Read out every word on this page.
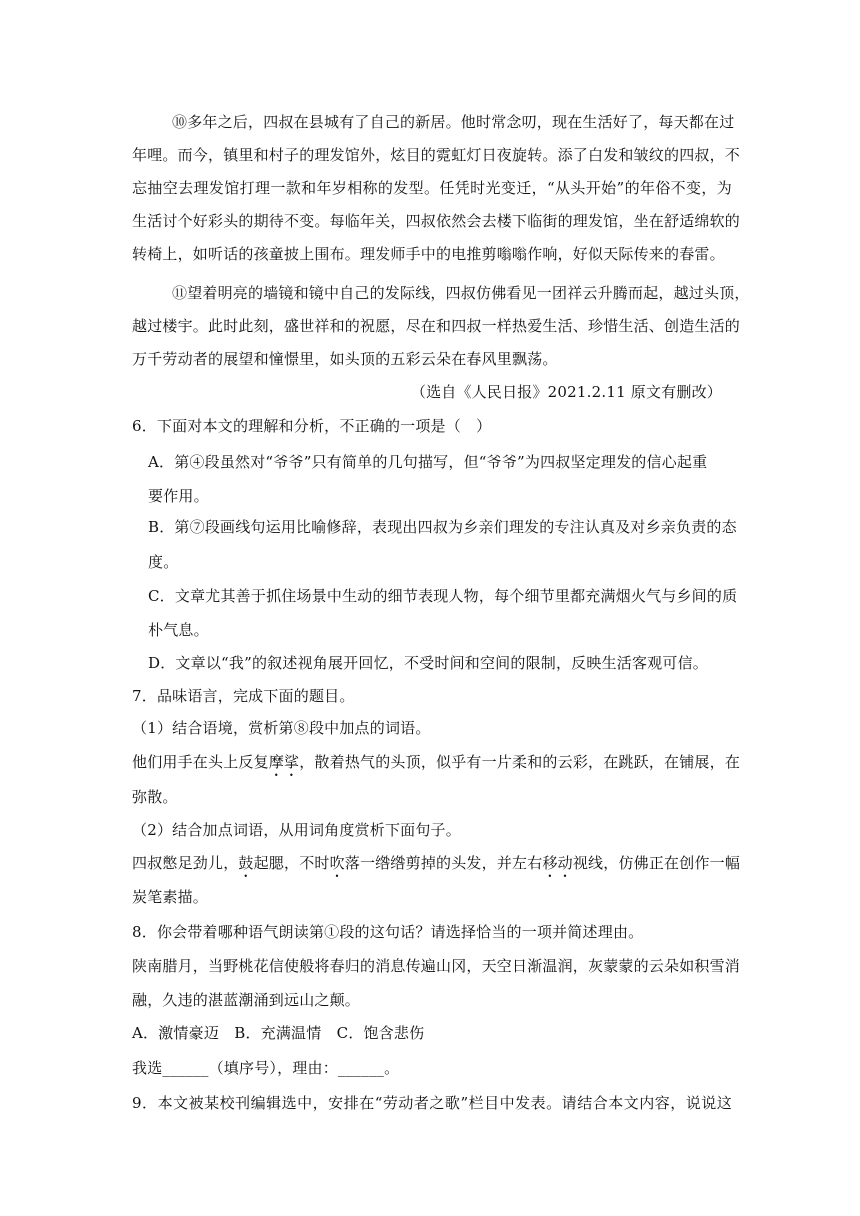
⑩多年之后，四叔在县城有了自己的新居。他时常念叨，现在生活好了，每天都在过
年哩。而今，镇里和村子的理发馆外，炫目的霓虹灯日夜旋转。添了白发和皱纹的四叔，不
忘抽空去理发馆打理一款和年岁相称的发型。任凭时光变迁，“从头开始”的年俗不变，为
生活讨个好彩头的期待不变。每临年关，四叔依然会去楼下临街的理发馆，坐在舒适绵软的
转椅上，如听话的孩童披上围布。理发师手中的电推剪嗡嗡作响，好似天际传来的春雷。
⑪望着明亮的墙镜和镜中自己的发际线，四叔仿佛看见一团祥云升腾而起，越过头顶，
越过楼宇。此时此刻，盛世祥和的祝愿，尽在和四叔一样热爱生活、珍惜生活、创造生活的
万千劳动者的展望和憧憬里，如头顶的五彩云朵在春风里飘荡。
（选自《人民日报》2021.2.11 原文有删改）
6．下面对本文的理解和分析，不正确的一项是（　）
A．第④段虽然对“爷爷”只有简单的几句描写，但“爷爷”为四叔坚定理发的信心起重
要作用。
B．第⑦段画线句运用比喻修辞，表现出四叔为乡亲们理发的专注认真及对乡亲负责的态
度。
C．文章尤其善于抓住场景中生动的细节表现人物，每个细节里都充满烟火气与乡间的质
朴气息。
D．文章以“我”的叙述视角展开回忆，不受时间和空间的限制，反映生活客观可信。
7．品味语言，完成下面的题目。
（1）结合语境，赏析第⑧段中加点的词语。
他们用手在头上反复摩挲，散着热气的头顶，似乎有一片柔和的云彩，在跳跃，在铺展，在
弥散。
（2）结合加点词语，从用词角度赏析下面句子。
四叔憋足劲儿，鼓起腮，不时吹落一绺绺剪掉的头发，并左右移动视线，仿佛正在创作一幅
炭笔素描。
8．你会带着哪种语气朗读第①段的这句话？请选择恰当的一项并简述理由。
陕南腊月，当野桃花信使般将春归的消息传遍山冈，天空日渐温润，灰蒙蒙的云朵如积雪消
融，久违的湛蓝潮涌到远山之颠。
A．激情豪迈　B．充满温情　C．饱含悲伤
我选______（填序号），理由：______。
9．本文被某校刊编辑选中，安排在“劳动者之歌”栏目中发表。请结合本文内容，说说这
